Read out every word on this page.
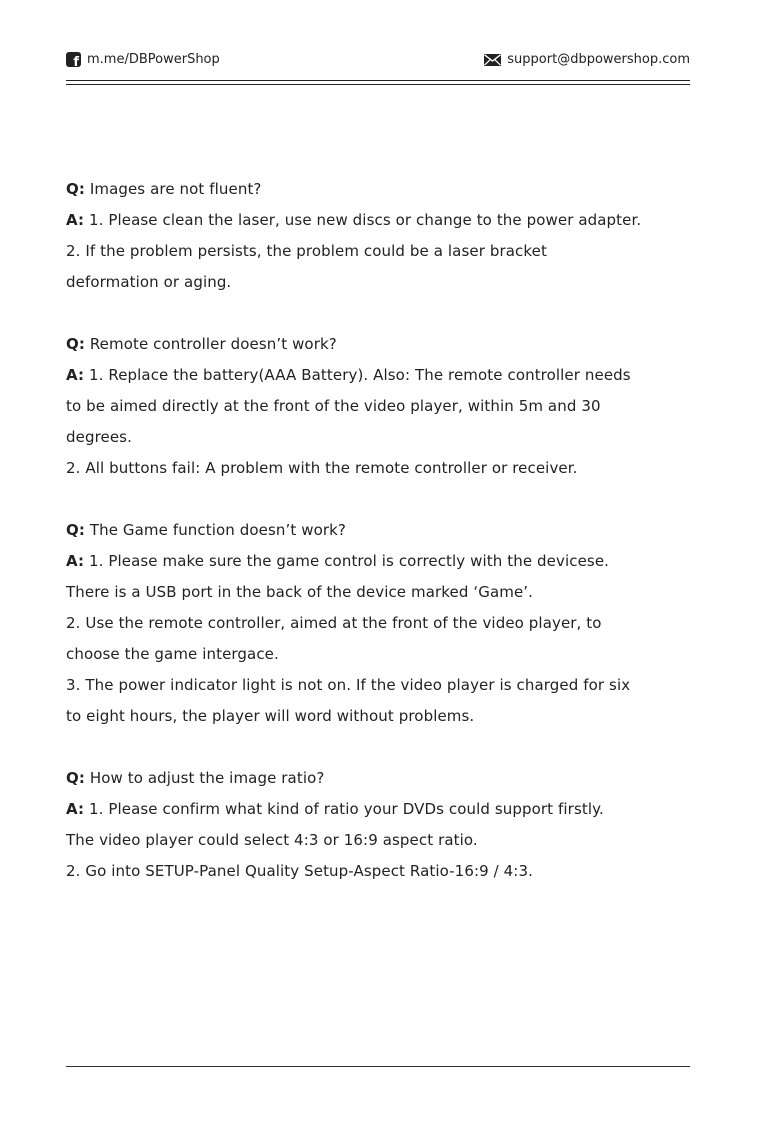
f m.me/DBPowerShop	support@dbpowershop.com
Q: Images are not fluent?
A: 1. Please clean the laser, use new discs or change to the power adapter.
2. If the problem persists, the problem could be a laser bracket
deformation or aging.
Q: Remote controller doesn’t work?
A: 1. Replace the battery(AAA Battery). Also: The remote controller needs
to be aimed directly at the front of the video player, within 5m and 30
degrees.
2. All buttons fail: A problem with the remote controller or receiver.
Q: The Game function doesn’t work?
A: 1. Please make sure the game control is correctly with the devicese.
There is a USB port in the back of the device marked ‘Game’.
2. Use the remote controller, aimed at the front of the video player, to
choose the game intergace.
3. The power indicator light is not on. If the video player is charged for six
to eight hours, the player will word without problems.
Q: How to adjust the image ratio?
A: 1. Please confirm what kind of ratio your DVDs could support firstly.
The video player could select 4:3 or 16:9 aspect ratio.
2. Go into SETUP-Panel Quality Setup-Aspect Ratio-16:9 / 4:3.
